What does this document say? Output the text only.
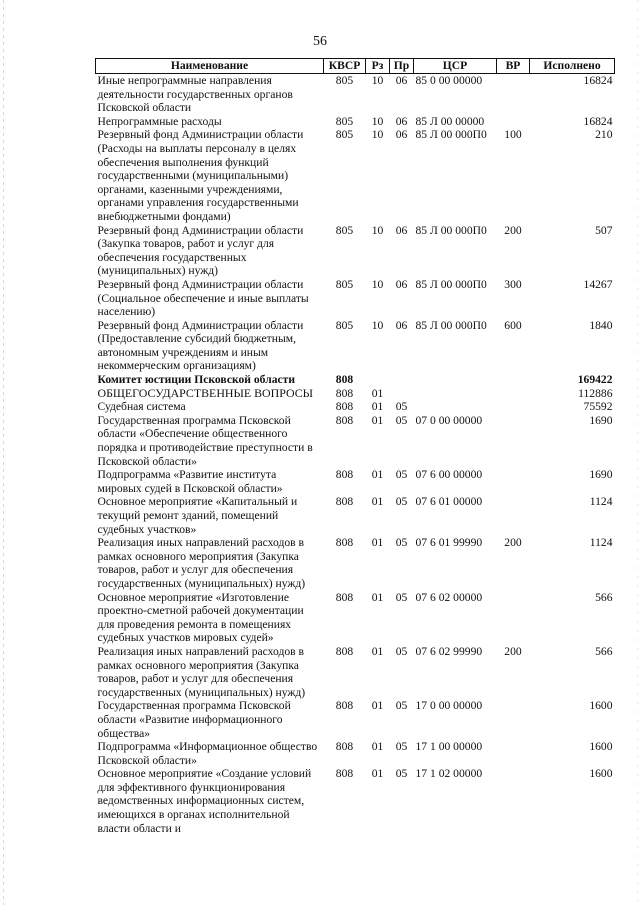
56
Наименование	КВСР	Рз	Пр	ЦСР	ВР	Исполнено
Иные непрограммные направления деятельности государственных органов Псковской области	805	10	06	85 0 00 00000		16824
Непрограммные расходы	805	10	06	85 Л 00 00000		16824
Резервный фонд Администрации области (Расходы на выплаты персоналу в целях обеспечения выполнения функций государственными (муниципальными) органами, казенными учреждениями, органами управления государственными внебюджетными фондами)	805	10	06	85 Л 00 000П0	100	210
Резервный фонд Администрации области (Закупка товаров, работ и услуг для обеспечения государственных (муниципальных) нужд)	805	10	06	85 Л 00 000П0	200	507
Резервный фонд Администрации области (Социальное обеспечение и иные выплаты населению)	805	10	06	85 Л 00 000П0	300	14267
Резервный фонд Администрации области (Предоставление субсидий бюджетным, автономным учреждениям и иным некоммерческим организациям)	805	10	06	85 Л 00 000П0	600	1840
Комитет юстиции Псковской области	808					169422
ОБЩЕГОСУДАРСТВЕННЫЕ ВОПРОСЫ	808	01				112886
Судебная система	808	01	05			75592
Государственная программа Псковской области «Обеспечение общественного порядка и противодействие преступности в Псковской области»	808	01	05	07 0 00 00000		1690
Подпрограмма «Развитие института мировых судей в Псковской области»	808	01	05	07 6 00 00000		1690
Основное мероприятие «Капитальный и текущий ремонт зданий, помещений судебных участков»	808	01	05	07 6 01 00000		1124
Реализация иных направлений расходов в рамках основного мероприятия (Закупка товаров, работ и услуг для обеспечения государственных (муниципальных) нужд)	808	01	05	07 6 01 99990	200	1124
Основное мероприятие «Изготовление проектно-сметной рабочей документации для проведения ремонта в помещениях судебных участков мировых судей»	808	01	05	07 6 02 00000		566
Реализация иных направлений расходов в рамках основного мероприятия (Закупка товаров, работ и услуг для обеспечения государственных (муниципальных) нужд)	808	01	05	07 6 02 99990	200	566
Государственная программа Псковской области «Развитие информационного общества»	808	01	05	17 0 00 00000		1600
Подпрограмма «Информационное общество Псковской области»	808	01	05	17 1 00 00000		1600
Основное мероприятие «Создание условий для эффективного функционирования ведомственных информационных систем, имеющихся в органах исполнительной власти области и	808	01	05	17 1 02 00000		1600
